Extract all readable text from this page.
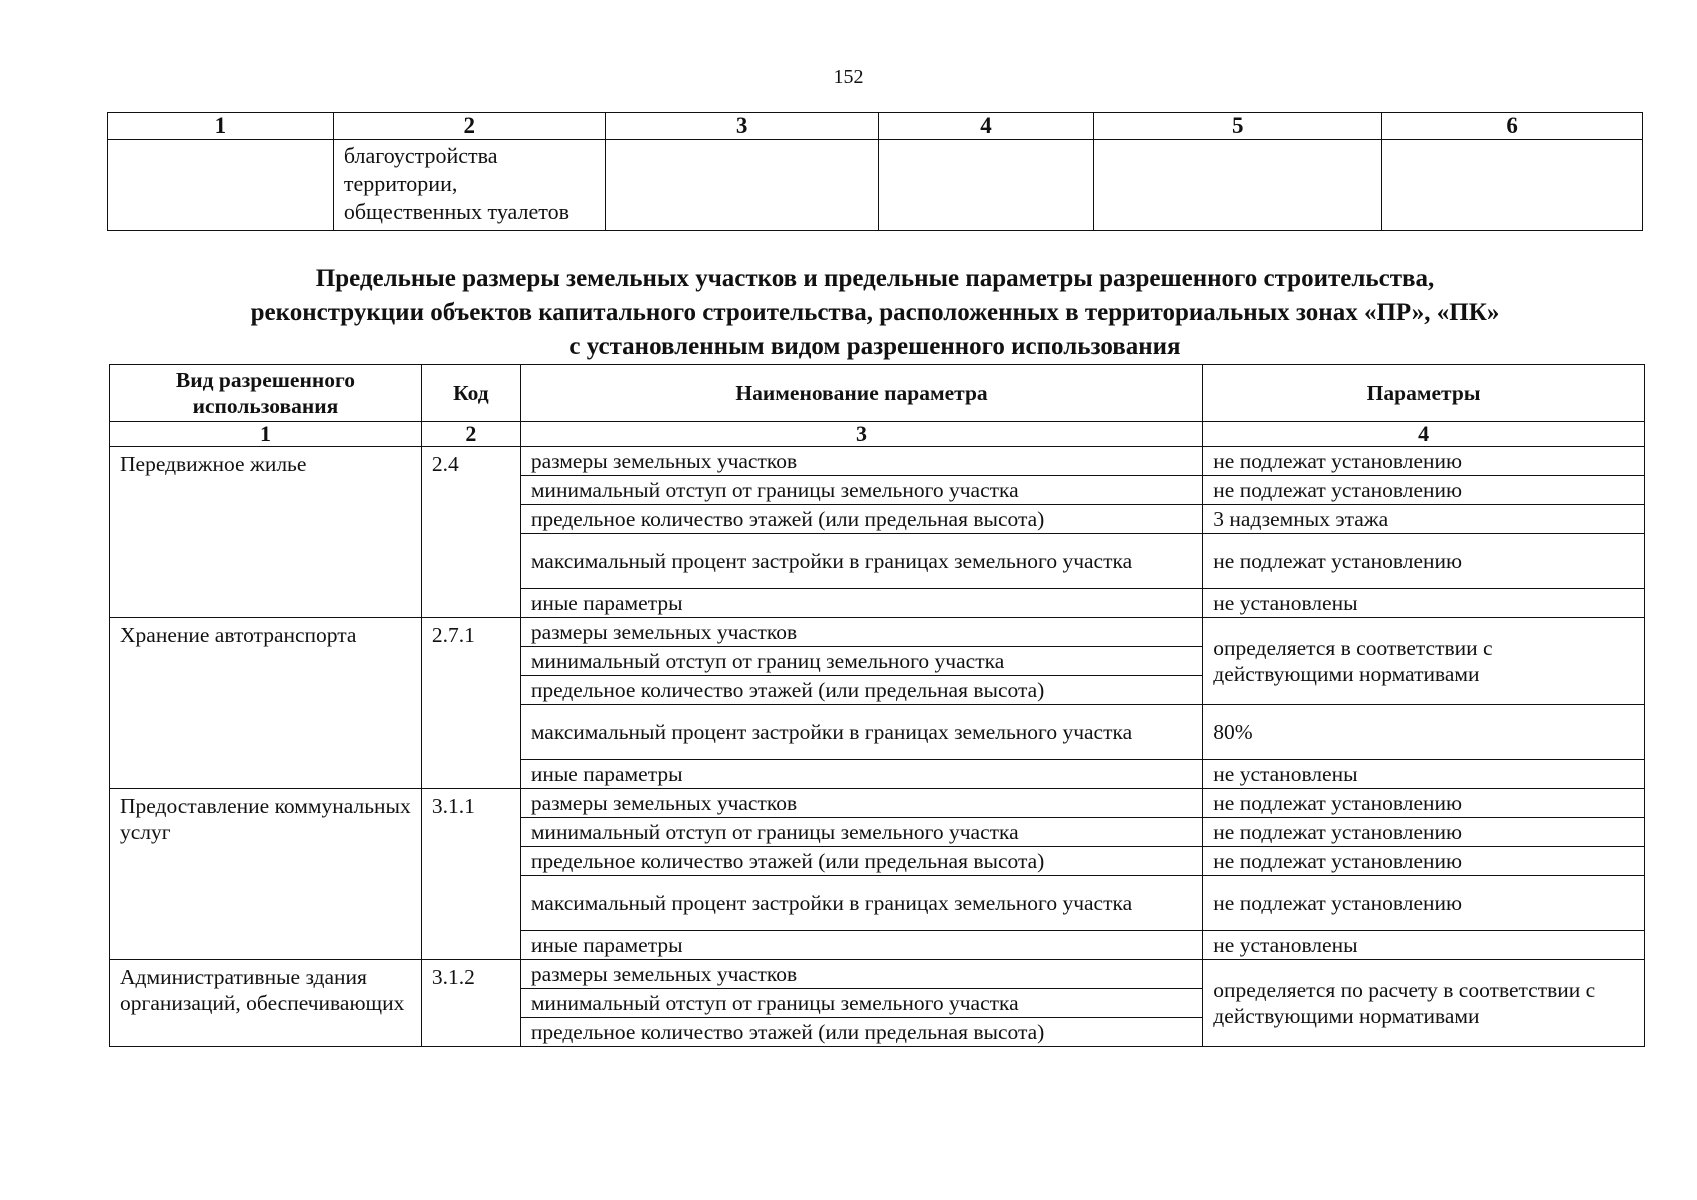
152
1	2	3	4	5	6
	благоустройства территории, общественных туалетов				
Предельные размеры земельных участков и предельные параметры разрешенного строительства,
реконструкции объектов капитального строительства, расположенных в территориальных зонах «ПР», «ПК»
с установленным видом разрешенного использования
Вид разрешенного использования	Код	Наименование параметра	Параметры
1	2	3	4
Передвижное жилье	2.4	размеры земельных участков	не подлежат установлению
		минимальный отступ от границы земельного участка	не подлежат установлению
		предельное количество этажей (или предельная высота)	3 надземных этажа
		максимальный процент застройки в границах земельного участка	не подлежат установлению
		иные параметры	не установлены
Хранение автотранспорта	2.7.1	размеры земельных участков	определяется в соответствии с действующими нормативами
		минимальный отступ от границ земельного участка	
		предельное количество этажей (или предельная высота)	
		максимальный процент застройки в границах земельного участка	80%
		иные параметры	не установлены
Предоставление коммунальных услуг	3.1.1	размеры земельных участков	не подлежат установлению
		минимальный отступ от границы земельного участка	не подлежат установлению
		предельное количество этажей (или предельная высота)	не подлежат установлению
		максимальный процент застройки в границах земельного участка	не подлежат установлению
		иные параметры	не установлены
Административные здания организаций, обеспечивающих	3.1.2	размеры земельных участков	определяется по расчету в соответствии с действующими нормативами
		минимальный отступ от границы земельного участка	
		предельное количество этажей (или предельная высота)	
